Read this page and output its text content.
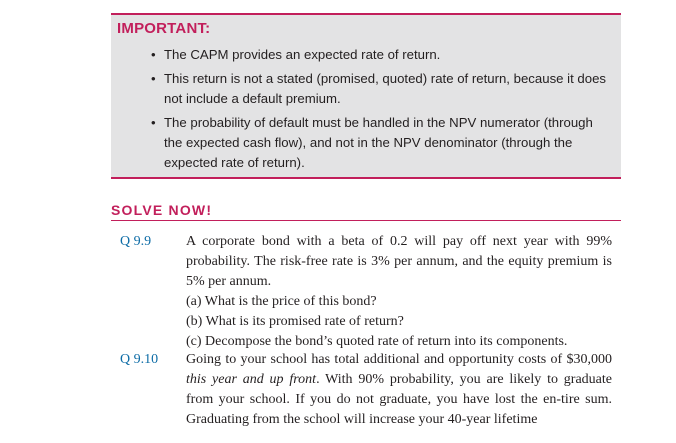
IMPORTANT:
• The CAPM provides an expected rate of return.
• This return is not a stated (promised, quoted) rate of return, because it does not include a default premium.
• The probability of default must be handled in the NPV numerator (through the expected cash flow), and not in the NPV denominator (through the expected rate of return).
SOLVE NOW!
Q 9.9 A corporate bond with a beta of 0.2 will pay off next year with 99% probability. The risk-free rate is 3% per annum, and the equity premium is 5% per annum.

(a) What is the price of this bond?
(b) What is its promised rate of return?
(c) Decompose the bond’s quoted rate of return into its components.
Q 9.10 Going to your school has total additional and opportunity costs of $30,000 this year and up front. With 90% probability, you are likely to graduate from your school. If you do not graduate, you have lost the en-tire sum. Graduating from the school will increase your 40-year lifetime
